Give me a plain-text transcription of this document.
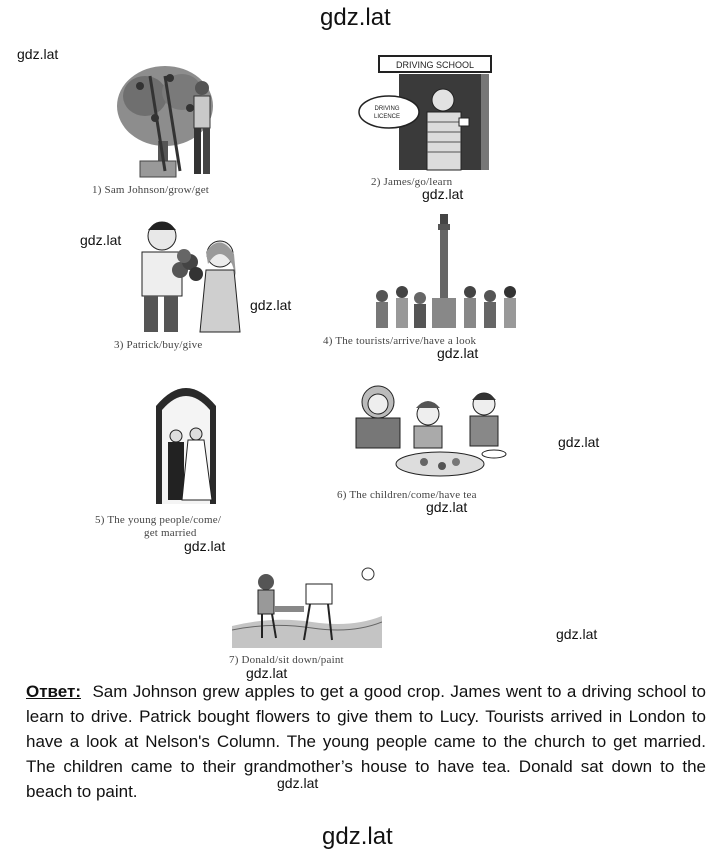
gdz.lat
gdz.lat
gdz.lat
gdz.lat
gdz.lat
gdz.lat
gdz.lat
gdz.lat
gdz.lat
gdz.lat
gdz.lat
gdz.lat
gdz.lat
1) Sam Johnson/grow/get
DRIVING SCHOOL
DRIVING
LICENCE
2) James/go/learn
3) Patrick/buy/give	4) The tourists/arrive/have a look
5) The young people/come/
get married
6) The children/come/have tea
7) Donald/sit down/paint
Ответ: Sam Johnson grew apples to get a good crop. James went to a driving school to learn to drive. Patrick bought flowers to give them to Lucy. Tourists arrived in London to have a look at Nelson's Column. The young people came to the church to get married. The children came to their grandmother’s house to have tea. Donald sat down to the beach to paint.
